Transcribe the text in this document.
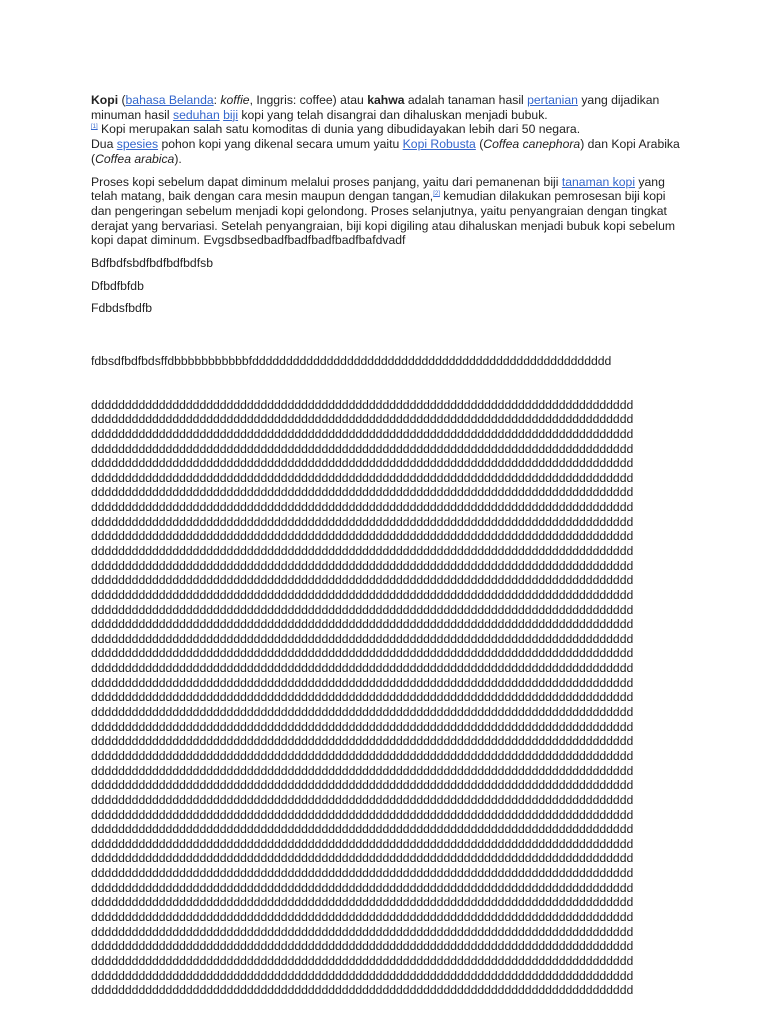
Kopi (bahasa Belanda: koffie, Inggris: coffee) atau kahwa adalah tanaman hasil pertanian yang dijadikan minuman hasil seduhan biji kopi yang telah disangrai dan dihaluskan menjadi bubuk.
[1] Kopi merupakan salah satu komoditas di dunia yang dibudidayakan lebih dari 50 negara.

Dua spesies pohon kopi yang dikenal secara umum yaitu Kopi Robusta (Coffea canephora) dan Kopi Arabika (Coffea arabica).

Proses kopi sebelum dapat diminum melalui proses panjang, yaitu dari pemanenan biji tanaman kopi yang telah matang, baik dengan cara mesin maupun dengan tangan,[2] kemudian dilakukan pemrosesan biji kopi dan pengeringan sebelum menjadi kopi gelondong. Proses selanjutnya, yaitu penyangraian dengan tingkat derajat yang bervariasi. Setelah penyangraian, biji kopi digiling atau dihaluskan menjadi bubuk kopi sebelum kopi dapat diminum. Evgsdbsedbadfbadfbadfbadfbafdvadf

Bdfbdfsbdfbdfbdfbdfsb

Dfbdfbfdb

Fdbdsfbdfb

fdbsdfbdfbdsffdbbbbbbbbbbbfddddddddddddddddddddddddddddddddddddddddddddddddddddd

dddddddddddddddddddddddddddddddddddddddddddddddddddddddddddddddddddddddddddddddd
dddddddddddddddddddddddddddddddddddddddddddddddddddddddddddddddddddddddddddddddd
dddddddddddddddddddddddddddddddddddddddddddddddddddddddddddddddddddddddddddddddd
dddddddddddddddddddddddddddddddddddddddddddddddddddddddddddddddddddddddddddddddd
dddddddddddddddddddddddddddddddddddddddddddddddddddddddddddddddddddddddddddddddd
dddddddddddddddddddddddddddddddddddddddddddddddddddddddddddddddddddddddddddddddd
dddddddddddddddddddddddddddddddddddddddddddddddddddddddddddddddddddddddddddddddd
dddddddddddddddddddddddddddddddddddddddddddddddddddddddddddddddddddddddddddddddd
dddddddddddddddddddddddddddddddddddddddddddddddddddddddddddddddddddddddddddddddd
dddddddddddddddddddddddddddddddddddddddddddddddddddddddddddddddddddddddddddddddd
dddddddddddddddddddddddddddddddddddddddddddddddddddddddddddddddddddddddddddddddd
dddddddddddddddddddddddddddddddddddddddddddddddddddddddddddddddddddddddddddddddd
dddddddddddddddddddddddddddddddddddddddddddddddddddddddddddddddddddddddddddddddd
dddddddddddddddddddddddddddddddddddddddddddddddddddddddddddddddddddddddddddddddd
dddddddddddddddddddddddddddddddddddddddddddddddddddddddddddddddddddddddddddddddd
dddddddddddddddddddddddddddddddddddddddddddddddddddddddddddddddddddddddddddddddd
dddddddddddddddddddddddddddddddddddddddddddddddddddddddddddddddddddddddddddddddd
dddddddddddddddddddddddddddddddddddddddddddddddddddddddddddddddddddddddddddddddd
dddddddddddddddddddddddddddddddddddddddddddddddddddddddddddddddddddddddddddddddd
dddddddddddddddddddddddddddddddddddddddddddddddddddddddddddddddddddddddddddddddd
dddddddddddddddddddddddddddddddddddddddddddddddddddddddddddddddddddddddddddddddd
dddddddddddddddddddddddddddddddddddddddddddddddddddddddddddddddddddddddddddddddd
dddddddddddddddddddddddddddddddddddddddddddddddddddddddddddddddddddddddddddddddd
dddddddddddddddddddddddddddddddddddddddddddddddddddddddddddddddddddddddddddddddd
dddddddddddddddddddddddddddddddddddddddddddddddddddddddddddddddddddddddddddddddd
dddddddddddddddddddddddddddddddddddddddddddddddddddddddddddddddddddddddddddddddd
dddddddddddddddddddddddddddddddddddddddddddddddddddddddddddddddddddddddddddddddd
dddddddddddddddddddddddddddddddddddddddddddddddddddddddddddddddddddddddddddddddd
dddddddddddddddddddddddddddddddddddddddddddddddddddddddddddddddddddddddddddddddd
dddddddddddddddddddddddddddddddddddddddddddddddddddddddddddddddddddddddddddddddd
dddddddddddddddddddddddddddddddddddddddddddddddddddddddddddddddddddddddddddddddd
dddddddddddddddddddddddddddddddddddddddddddddddddddddddddddddddddddddddddddddddd
dddddddddddddddddddddddddddddddddddddddddddddddddddddddddddddddddddddddddddddddd
dddddddddddddddddddddddddddddddddddddddddddddddddddddddddddddddddddddddddddddddd
dddddddddddddddddddddddddddddddddddddddddddddddddddddddddddddddddddddddddddddddd
dddddddddddddddddddddddddddddddddddddddddddddddddddddddddddddddddddddddddddddddd
dddddddddddddddddddddddddddddddddddddddddddddddddddddddddddddddddddddddddddddddd
dddddddddddddddddddddddddddddddddddddddddddddddddddddddddddddddddddddddddddddddd
dddddddddddddddddddddddddddddddddddddddddddddddddddddddddddddddddddddddddddddddd
dddddddddddddddddddddddddddddddddddddddddddddddddddddddddddddddddddddddddddddddd
dddddddddddddddddddddddddddddddddddddddddddddddddddddddddddddddddddddddddddddddd
